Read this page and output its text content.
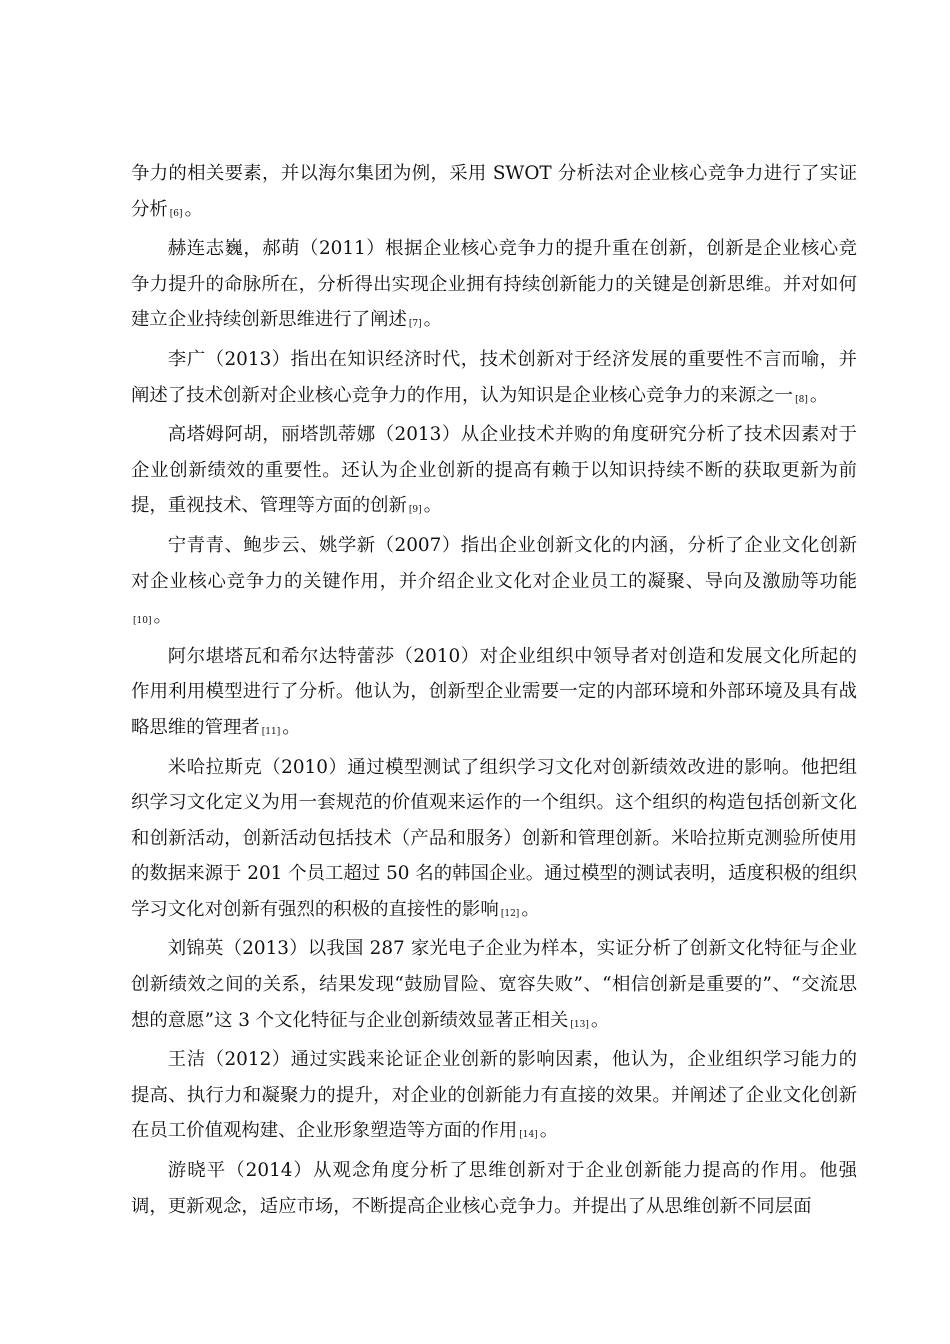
争力的相关要素，并以海尔集团为例，采用 SWOT 分析法对企业核心竞争力进行了实证分析 [6] 。

赫连志巍，郝萌（2011）根据企业核心竞争力的提升重在创新，创新是企业核心竞争力提升的命脉所在，分析得出实现企业拥有持续创新能力的关键是创新思维。并对如何建立企业持续创新思维进行了阐述 [7] 。

李广（2013）指出在知识经济时代，技术创新对于经济发展的重要性不言而喻，并阐述了技术创新对企业核心竞争力的作用，认为知识是企业核心竞争力的来源之一 [8] 。

高塔姆阿胡，丽塔凯蒂娜（2013）从企业技术并购的角度研究分析了技术因素对于企业创新绩效的重要性。还认为企业创新的提高有赖于以知识持续不断的获取更新为前提，重视技术、管理等方面的创新 [9] 。

宁青青、鲍步云、姚学新（2007）指出企业创新文化的内涵，分析了企业文化创新对企业核心竞争力的关键作用，并介绍企业文化对企业员工的凝聚、导向及激励等功能[10] 。

阿尔堪塔瓦和希尔达特蕾莎（2010）对企业组织中领导者对创造和发展文化所起的作用利用模型进行了分析。他认为，创新型企业需要一定的内部环境和外部环境及具有战略思维的管理者 [11] 。

米哈拉斯克（2010）通过模型测试了组织学习文化对创新绩效改进的影响。他把组织学习文化定义为用一套规范的价值观来运作的一个组织。这个组织的构造包括创新文化和创新活动，创新活动包括技术（产品和服务）创新和管理创新。米哈拉斯克测验所使用的数据来源于 201 个员工超过 50 名的韩国企业。通过模型的测试表明，适度积极的组织学习文化对创新有强烈的积极的直接性的影响 [12] 。

刘锦英（2013）以我国 287 家光电子企业为样本，实证分析了创新文化特征与企业创新绩效之间的关系，结果发现“鼓励冒险、宽容失败”、“相信创新是重要的”、“交流思想的意愿”这 3 个文化特征与企业创新绩效显著正相关 [13] 。

王洁（2012）通过实践来论证企业创新的影响因素，他认为，企业组织学习能力的提高、执行力和凝聚力的提升，对企业的创新能力有直接的效果。并阐述了企业文化创新在员工价值观构建、企业形象塑造等方面的作用 [14] 。

游晓平（2014）从观念角度分析了思维创新对于企业创新能力提高的作用。他强调，更新观念，适应市场，不断提高企业核心竞争力。并提出了从思维创新不同层面
